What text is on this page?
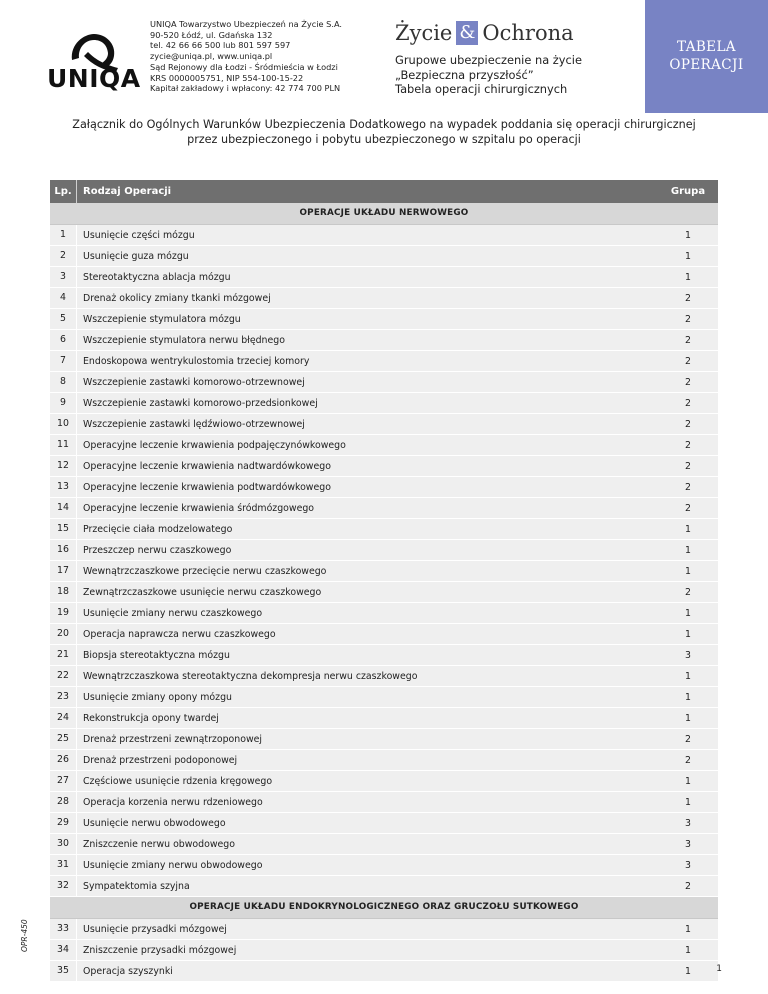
UNIQA
UNIQA Towarzystwo Ubezpieczeń na Życie S.A.
90-520 Łódź, ul. Gdańska 132
tel. 42 66 66 500 lub 801 597 597
zycie@uniqa.pl, www.uniqa.pl
Sąd Rejonowy dla Łodzi - Śródmieścia w Łodzi
KRS 0000005751, NIP 554-100-15-22
Kapitał zakładowy i wpłacony: 42 774 700 PLN
Życie & Ochrona
Grupowe ubezpieczenie na życie
„Bezpieczna przyszłość”
Tabela operacji chirurgicznych
TABELA
OPERACJI
Załącznik do Ogólnych Warunków Ubezpieczenia Dodatkowego na wypadek poddania się operacji chirurgicznej
przez ubezpieczonego i pobytu ubezpieczonego w szpitalu po operacji
Lp.	Rodzaj Operacji	Grupa
OPERACJE UKŁADU NERWOWEGO
1	Usunięcie części mózgu	1
2	Usunięcie guza mózgu	1
3	Stereotaktyczna ablacja mózgu	1
4	Drenaż okolicy zmiany tkanki mózgowej	2
5	Wszczepienie stymulatora mózgu	2
6	Wszczepienie stymulatora nerwu błędnego	2
7	Endoskopowa wentrykulostomia trzeciej komory	2
8	Wszczepienie zastawki komorowo-otrzewnowej	2
9	Wszczepienie zastawki komorowo-przedsionkowej	2
10	Wszczepienie zastawki lędźwiowo-otrzewnowej	2
11	Operacyjne leczenie krwawienia podpajęczynówkowego	2
12	Operacyjne leczenie krwawienia nadtwardówkowego	2
13	Operacyjne leczenie krwawienia podtwardówkowego	2
14	Operacyjne leczenie krwawienia śródmózgowego	2
15	Przecięcie ciała modzelowatego	1
16	Przeszczep nerwu czaszkowego	1
17	Wewnątrzczaszkowe przecięcie nerwu czaszkowego	1
18	Zewnątrzczaszkowe usunięcie nerwu czaszkowego	2
19	Usunięcie zmiany nerwu czaszkowego	1
20	Operacja naprawcza nerwu czaszkowego	1
21	Biopsja stereotaktyczna mózgu	3
22	Wewnątrzczaszkowa stereotaktyczna dekompresja nerwu czaszkowego	1
23	Usunięcie zmiany opony mózgu	1
24	Rekonstrukcja opony twardej	1
25	Drenaż przestrzeni zewnątrzoponowej	2
26	Drenaż przestrzeni podoponowej	2
27	Częściowe usunięcie rdzenia kręgowego	1
28	Operacja korzenia nerwu rdzeniowego	1
29	Usunięcie nerwu obwodowego	3
30	Zniszczenie nerwu obwodowego	3
31	Usunięcie zmiany nerwu obwodowego	3
32	Sympatektomia szyjna	2
OPERACJE UKŁADU ENDOKRYNOLOGICZNEGO ORAZ GRUCZOŁU SUTKOWEGO
33	Usunięcie przysadki mózgowej	1
34	Zniszczenie przysadki mózgowej	1
35	Operacja szyszynki	1
OPR-450
1
